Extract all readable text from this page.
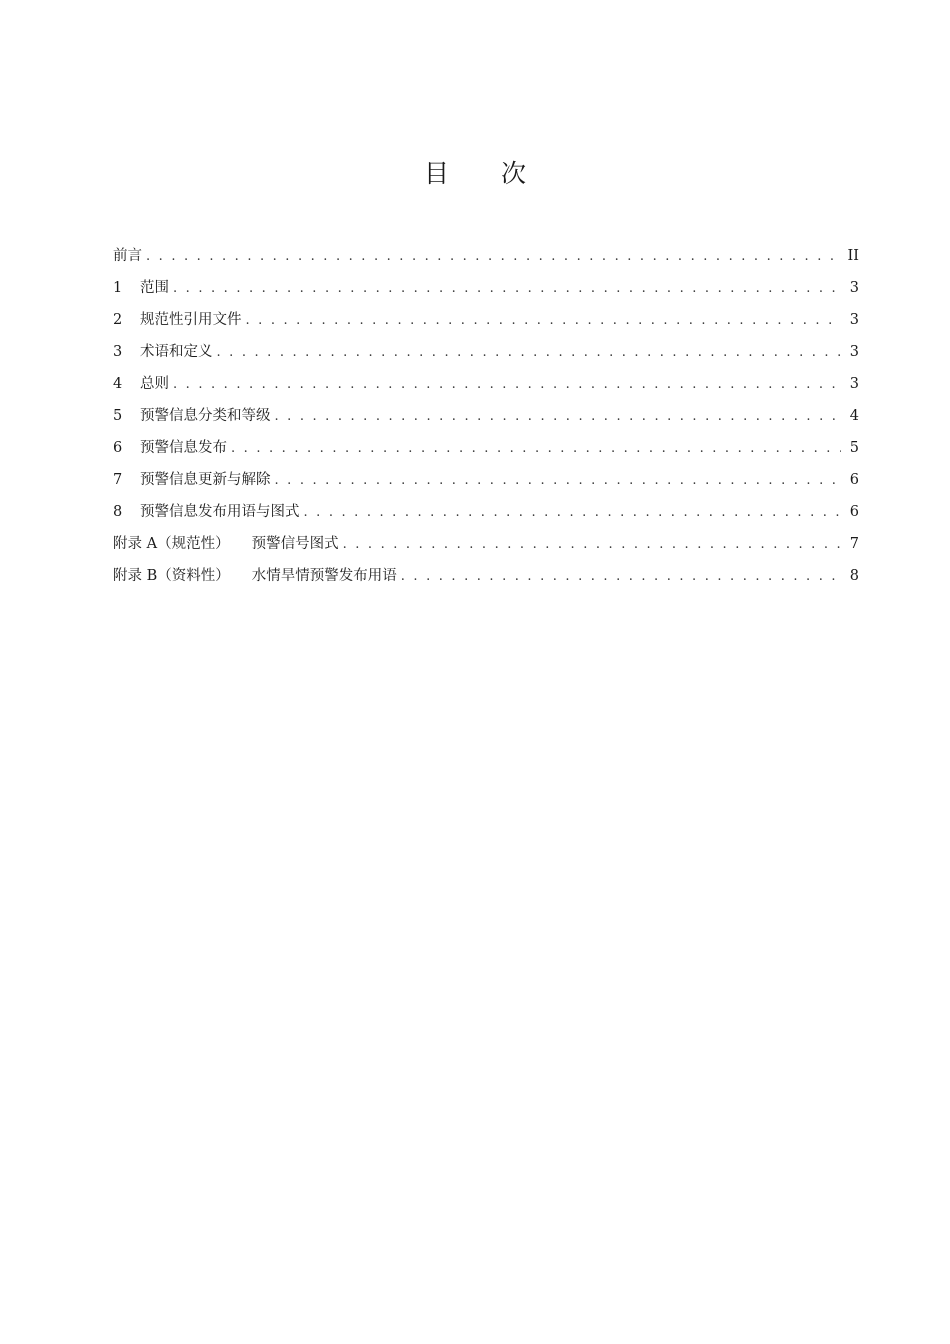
目 次
前言 . . .	II
1	范围 . . .	3
2	规范性引用文件 . . .	3
3	术语和定义 . . .	3
4	总则 . . .	3
5	预警信息分类和等级 . . .	4
6	预警信息发布 . . .	5
7	预警信息更新与解除 . . .	6
8	预警信息发布用语与图式 . . .	6
附录 A（规范性） 预警信号图式 . . .	7
附录 B（资料性） 水情旱情预警发布用语 . . .	8
